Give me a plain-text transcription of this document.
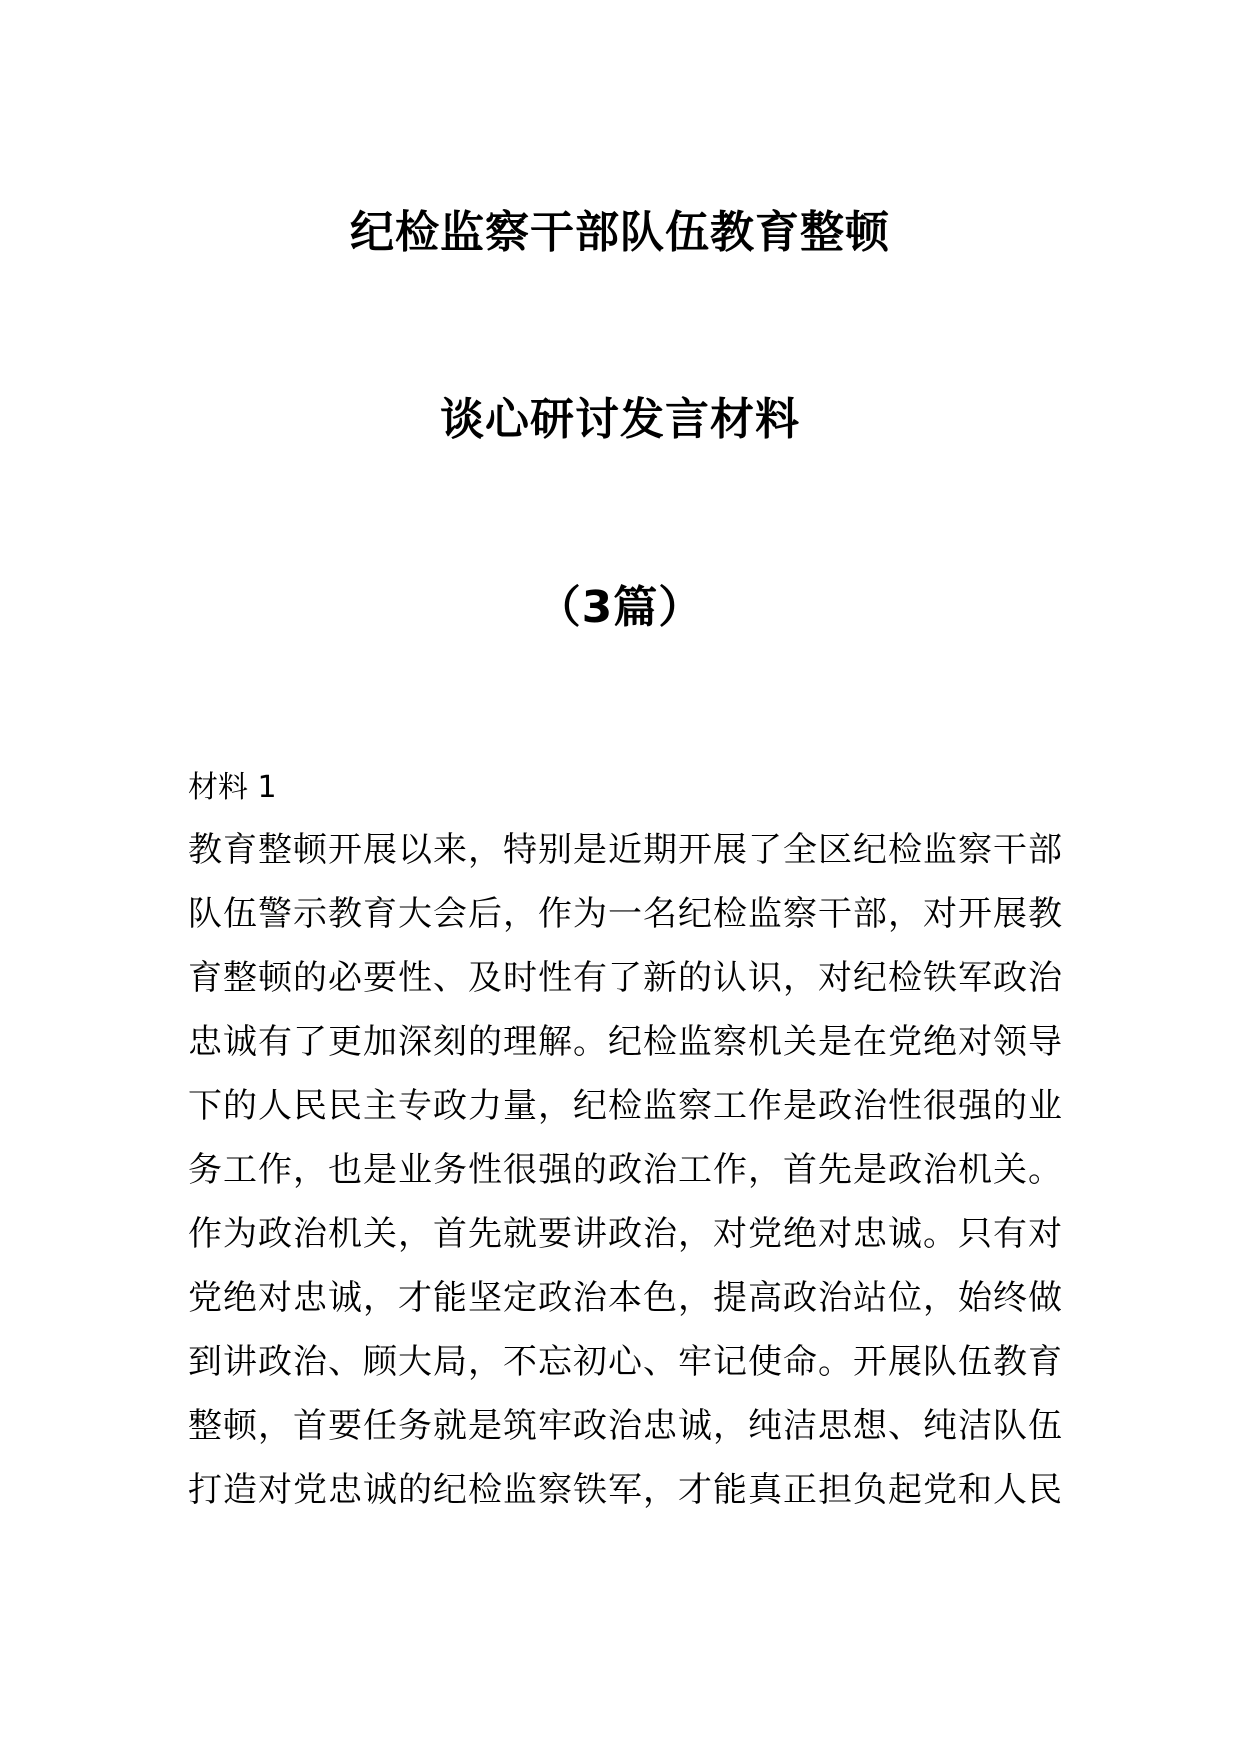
纪检监察干部队伍教育整顿
谈心研讨发言材料
（3篇）
材料 1
教育整顿开展以来，特别是近期开展了全区纪检监察干部
队伍警示教育大会后，作为一名纪检监察干部，对开展教
育整顿的必要性、及时性有了新的认识，对纪检铁军政治
忠诚有了更加深刻的理解。纪检监察机关是在党绝对领导
下的人民民主专政力量，纪检监察工作是政治性很强的业
务工作，也是业务性很强的政治工作，首先是政治机关。
作为政治机关，首先就要讲政治，对党绝对忠诚。只有对
党绝对忠诚，才能坚定政治本色，提高政治站位，始终做
到讲政治、顾大局，不忘初心、牢记使命。开展队伍教育
整顿，首要任务就是筑牢政治忠诚，纯洁思想、纯洁队伍
打造对党忠诚的纪检监察铁军，才能真正担负起党和人民
